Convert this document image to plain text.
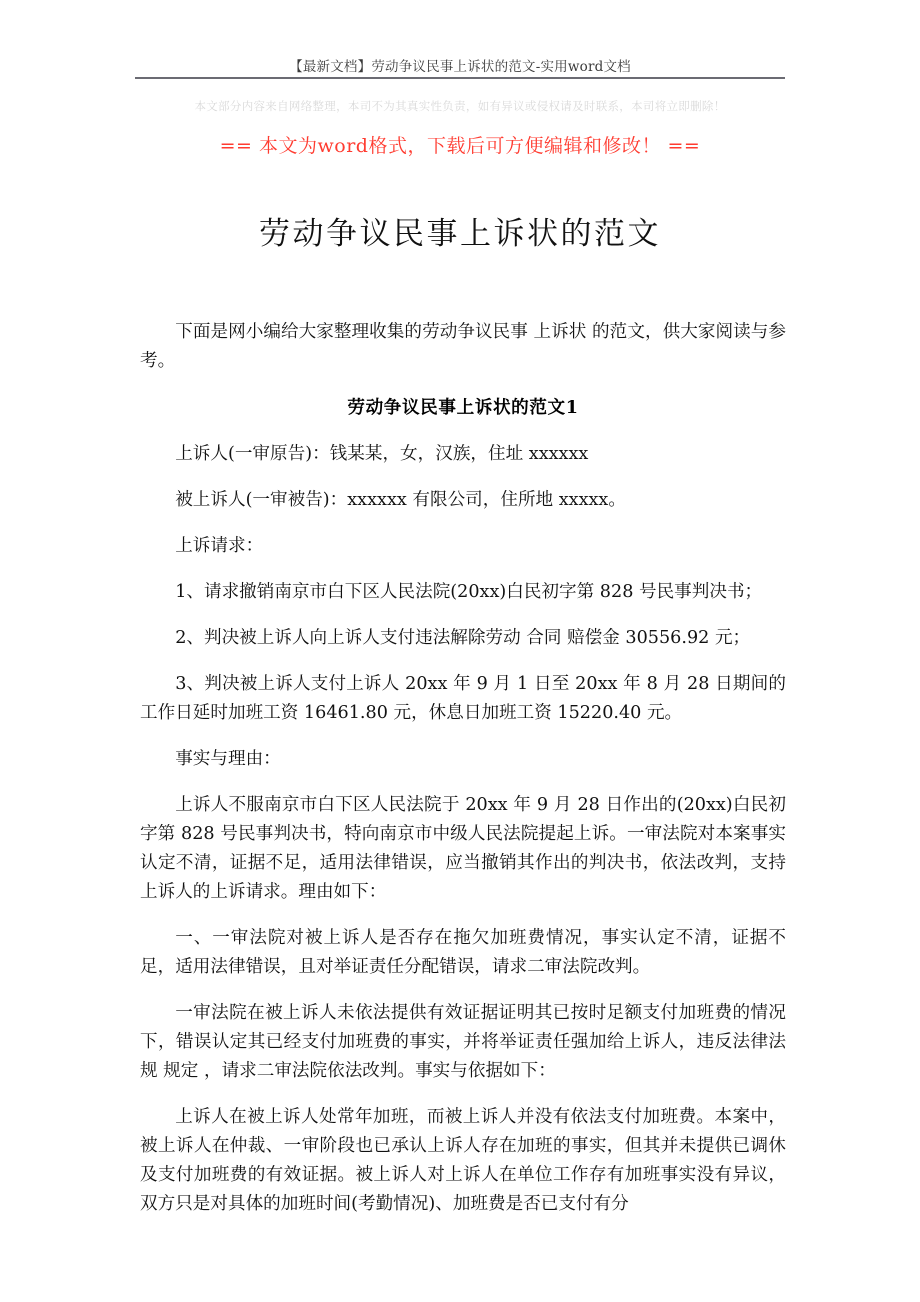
【最新文档】劳动争议民事上诉状的范文-实用word文档
本文部分内容来自网络整理，本司不为其真实性负责，如有异议或侵权请及时联系，本司将立即删除！
== 本文为word格式，下载后可方便编辑和修改！ ==
劳动争议民事上诉状的范文

下面是网小编给大家整理收集的劳动争议民事 上诉状 的范文，供大家阅读与参考。

劳动争议民事上诉状的范文1

上诉人(一审原告)：钱某某，女，汉族，住址 xxxxxx

被上诉人(一审被告)：xxxxxx 有限公司，住所地 xxxxx。

上诉请求：

1、请求撤销南京市白下区人民法院(20xx)白民初字第 828 号民事判决书；

2、判决被上诉人向上诉人支付违法解除劳动 合同 赔偿金 30556.92 元；

3、判决被上诉人支付上诉人 20xx 年 9 月 1 日至 20xx 年 8 月 28 日期间的工作日延时加班工资 16461.80 元，休息日加班工资 15220.40 元。

事实与理由：

上诉人不服南京市白下区人民法院于 20xx 年 9 月 28 日作出的(20xx)白民初字第 828 号民事判决书，特向南京市中级人民法院提起上诉。一审法院对本案事实认定不清，证据不足，适用法律错误，应当撤销其作出的判决书，依法改判，支持上诉人的上诉请求。理由如下：

一、一审法院对被上诉人是否存在拖欠加班费情况，事实认定不清，证据不足，适用法律错误，且对举证责任分配错误，请求二审法院改判。

一审法院在被上诉人未依法提供有效证据证明其已按时足额支付加班费的情况下，错误认定其已经支付加班费的事实，并将举证责任强加给上诉人，违反法律法规 规定 ，请求二审法院依法改判。事实与依据如下：

上诉人在被上诉人处常年加班，而被上诉人并没有依法支付加班费。本案中，被上诉人在仲裁、一审阶段也已承认上诉人存在加班的事实，但其并未提供已调休及支付加班费的有效证据。被上诉人对上诉人在单位工作存有加班事实没有异议，双方只是对具体的加班时间(考勤情况)、加班费是否已支付有分
